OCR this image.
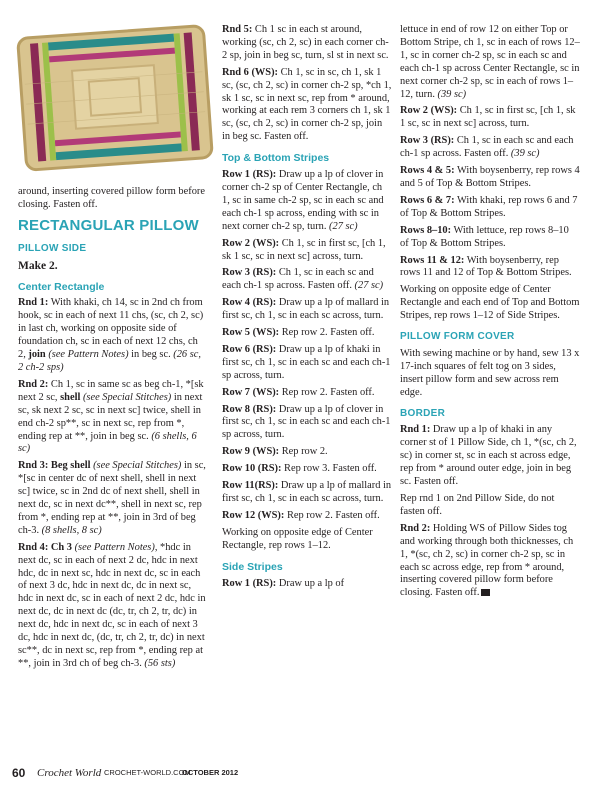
around, inserting covered pillow form before closing. Fasten off.

RECTANGULAR PILLOW
PILLOW SIDE
Make 2.
Center Rectangle

Rnd 1: With khaki, ch 14, sc in 2nd ch from hook, sc in each of next 11 chs, (sc, ch 2, sc) in last ch, working on opposite side of foundation ch, sc in each of next 12 chs, ch 2, join (see Pattern Notes) in beg sc. (26 sc, 2 ch-2 sps)

Rnd 2: Ch 1, sc in same sc as beg ch-1, *[sk next 2 sc, shell (see Special Stitches) in next sc, sk next 2 sc, sc in next sc] twice, shell in end ch-2 sp**, sc in next sc, rep from *, ending rep at **, join in beg sc. (6 shells, 6 sc)

Rnd 3: Beg shell (see Special Stitches) in sc, *[sc in center dc of next shell, shell in next sc] twice, sc in 2nd dc of next shell, shell in next dc, sc in next dc**, shell in next sc, rep from *, ending rep at **, join in 3rd of beg ch-3. (8 shells, 8 sc)

Rnd 4: Ch 3 (see Pattern Notes), *hdc in next dc, sc in each of next 2 dc, hdc in next hdc, dc in next sc, hdc in next dc, sc in each of next 3 dc, hdc in next dc, dc in next sc, hdc in next dc, sc in each of next 2 dc, hdc in next dc, dc in next dc (dc, tr, ch 2, tr, dc) in next dc, hdc in next dc, sc in each of next 3 dc, hdc in next dc, (dc, tr, ch 2, tr, dc) in next sc**, dc in next sc, rep from *, ending rep at **, join in 3rd ch of beg ch-3. (56 sts)

Rnd 5: Ch 1 sc in each st around, working (sc, ch 2, sc) in each corner ch-2 sp, join in beg sc, turn, sl st in next sc.

Rnd 6 (WS): Ch 1, sc in sc, ch 1, sk 1 sc, (sc, ch 2, sc) in corner ch-2 sp, *ch 1, sk 1 sc, sc in next sc, rep from * around, working at each rem 3 corners ch 1, sk 1 sc, (sc, ch 2, sc) in corner ch-2 sp, join in beg sc. Fasten off.

Top & Bottom Stripes

Row 1 (RS): Draw up a lp of clover in corner ch-2 sp of Center Rectangle, ch 1, sc in same ch-2 sp, sc in each sc and each ch-1 sp across, ending with sc in next corner ch-2 sp, turn. (27 sc)

Row 2 (WS): Ch 1, sc in first sc, [ch 1, sk 1 sc, sc in next sc] across, turn.

Row 3 (RS): Ch 1, sc in each sc and each ch-1 sp across. Fasten off. (27 sc)

Row 4 (RS): Draw up a lp of mallard in first sc, ch 1, sc in each sc across, turn.

Row 5 (WS): Rep row 2. Fasten off.

Row 6 (RS): Draw up a lp of khaki in first sc, ch 1, sc in each sc and each ch-1 sp across, turn.

Row 7 (WS): Rep row 2. Fasten off.

Row 8 (RS): Draw up a lp of clover in first sc, ch 1, sc in each sc and each ch-1 sp across, turn.

Row 9 (WS): Rep row 2.

Row 10 (RS): Rep row 3. Fasten off.

Row 11(RS): Draw up a lp of mallard in first sc, ch 1, sc in each sc across, turn.

Row 12 (WS): Rep row 2. Fasten off.

Working on opposite edge of Center Rectangle, rep rows 1–12.

Side Stripes

Row 1 (RS): Draw up a lp of

lettuce in end of row 12 on either Top or Bottom Stripe, ch 1, sc in each of rows 12–1, sc in corner ch-2 sp, sc in each sc and each ch-1 sp across Center Rectangle, sc in next corner ch-2 sp, sc in each of rows 1–12, turn. (39 sc)

Row 2 (WS): Ch 1, sc in first sc, [ch 1, sk 1 sc, sc in next sc] across, turn.

Row 3 (RS): Ch 1, sc in each sc and each ch-1 sp across. Fasten off. (39 sc)

Rows 4 & 5: With boysenberry, rep rows 4 and 5 of Top & Bottom Stripes.

Rows 6 & 7: With khaki, rep rows 6 and 7 of Top & Bottom Stripes.

Rows 8–10: With lettuce, rep rows 8–10 of Top & Bottom Stripes.

Rows 11 & 12: With boysenberry, rep rows 11 and 12 of Top & Bottom Stripes.

Working on opposite edge of Center Rectangle and each end of Top and Bottom Stripes, rep rows 1–12 of Side Stripes.

PILLOW FORM COVER

With sewing machine or by hand, sew 13 x 17-inch squares of felt tog on 3 sides, insert pillow form and sew across rem edge.

BORDER

Rnd 1: Draw up a lp of khaki in any corner st of 1 Pillow Side, ch 1, *(sc, ch 2, sc) in corner st, sc in each st across edge, rep from * around outer edge, join in beg sc. Fasten off.

Rep rnd 1 on 2nd Pillow Side, do not fasten off.

Rnd 2: Holding WS of Pillow Sides tog and working through both thicknesses, ch 1, *(sc, ch 2, sc) in corner ch-2 sp, sc in each sc across edge, rep from * around, inserting covered pillow form before closing. Fasten off.

60 Crochet World CROCHET-WORLD.COM
OCTOBER 2012
